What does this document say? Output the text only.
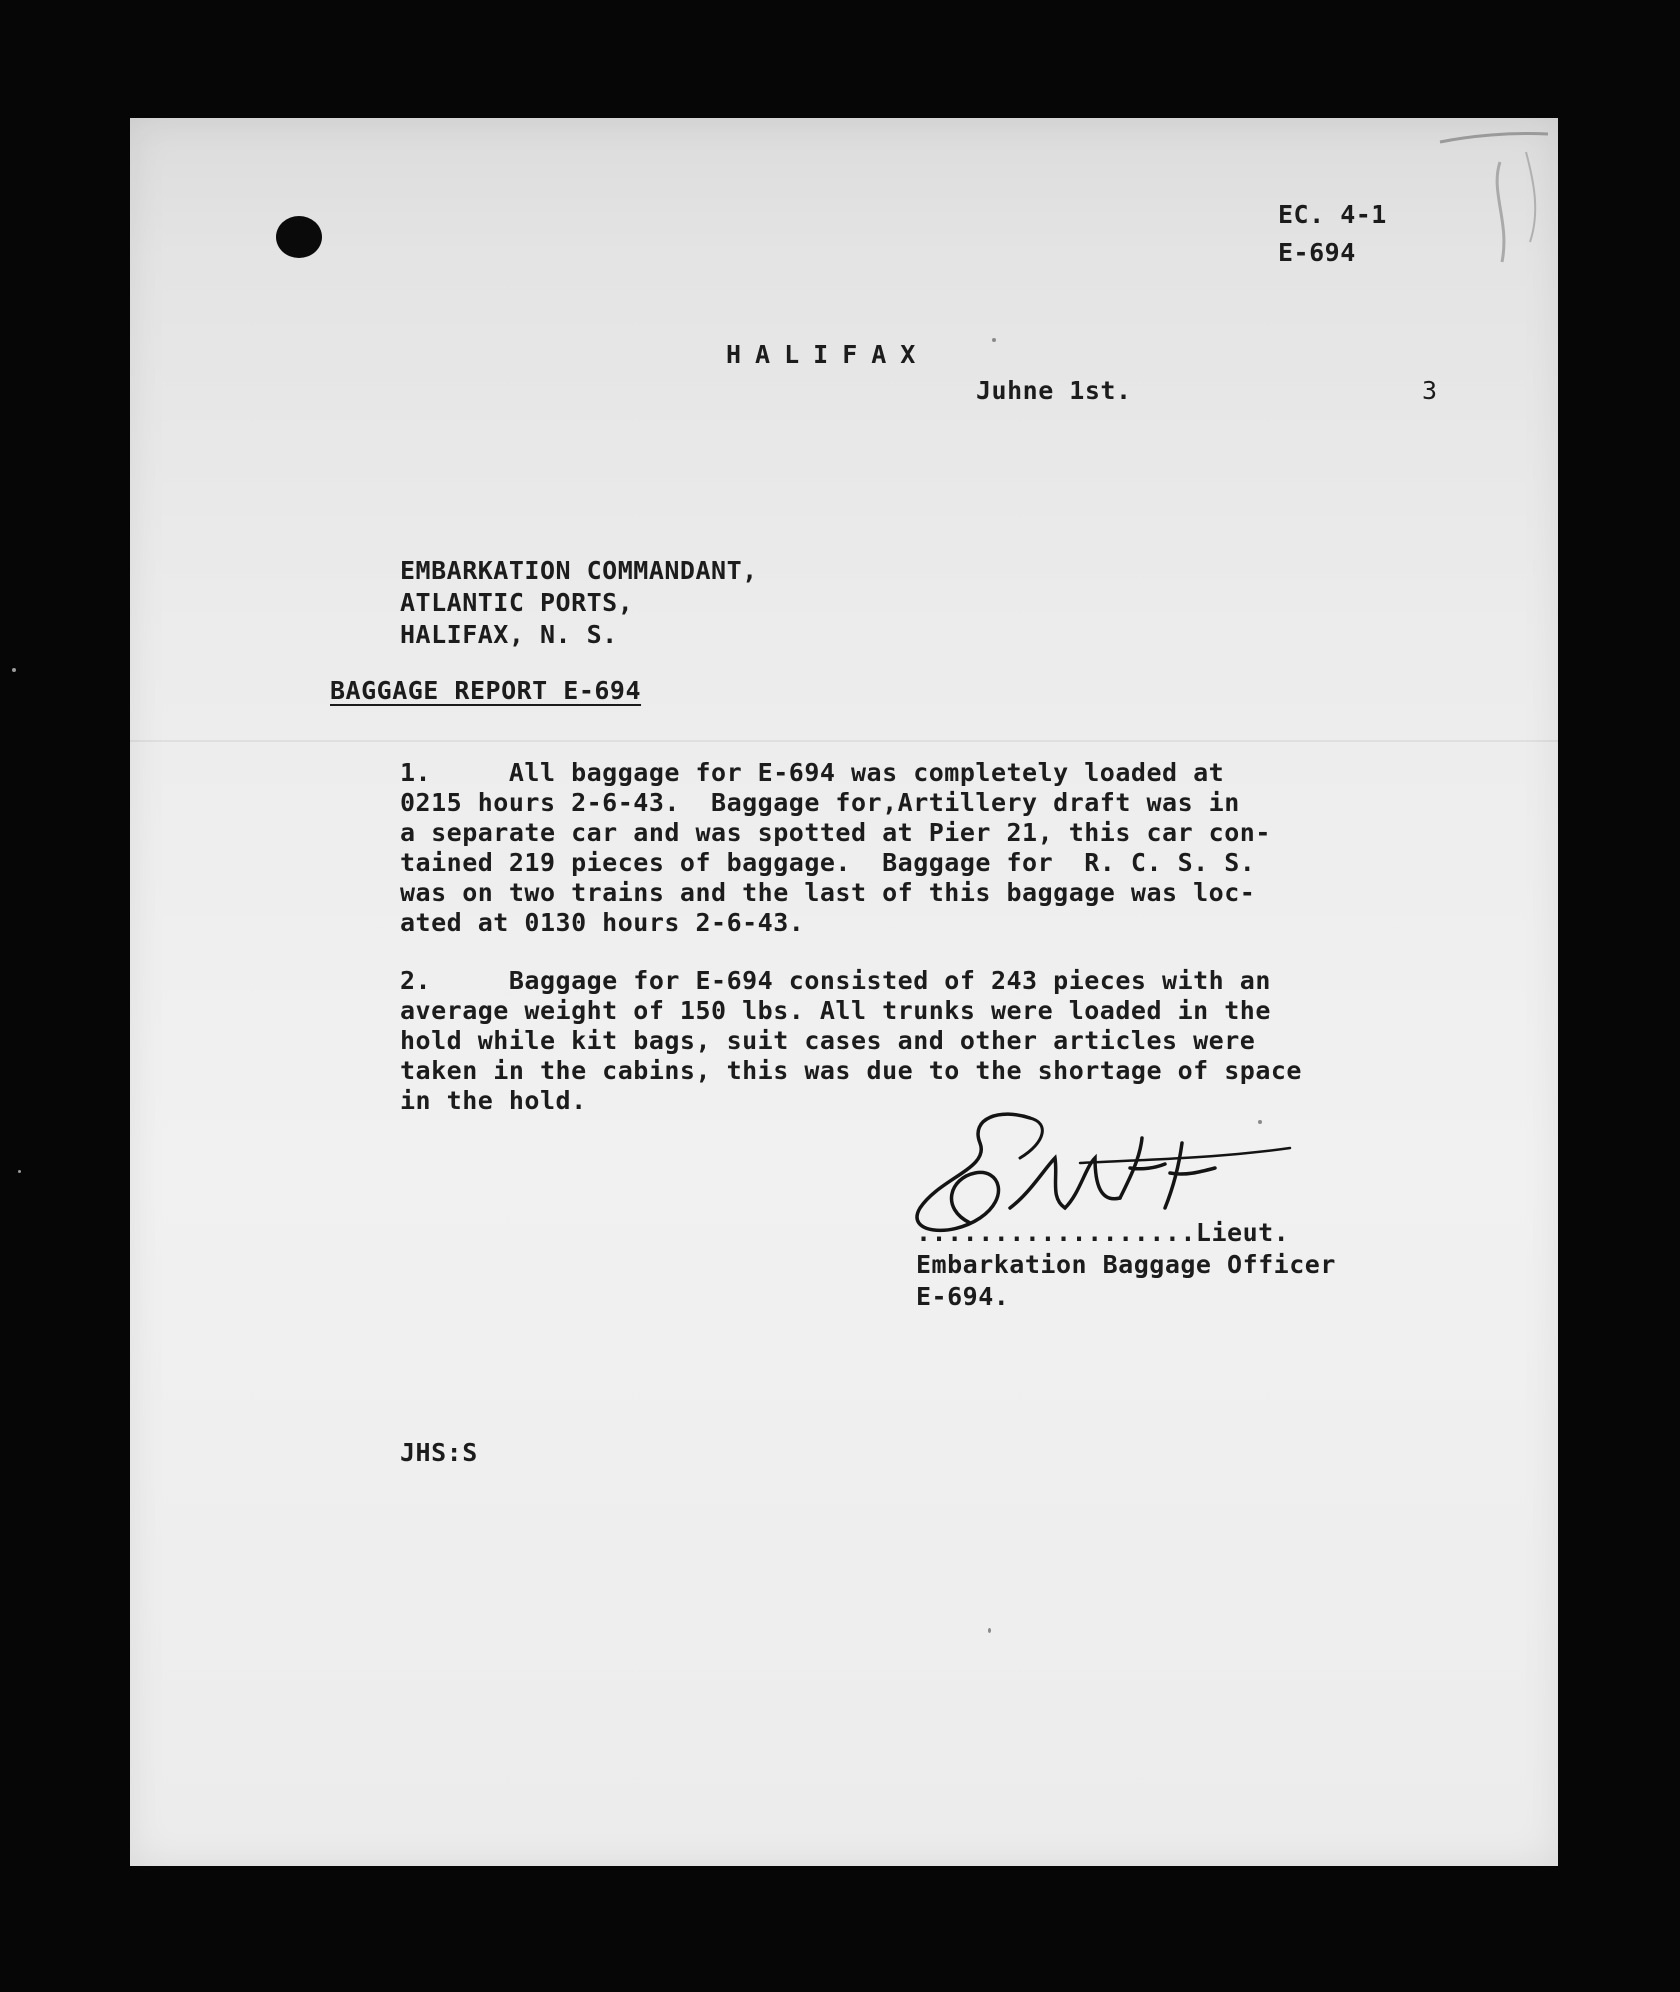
EC. 4-1
E-694
HALIFAX
Juhne 1st.	3
EMBARKATION COMMANDANT,
ATLANTIC PORTS,
HALIFAX, N. S.
BAGGAGE REPORT E-694
1.     All baggage for E-694 was completely loaded at
0215 hours 2-6-43.  Baggage for,Artillery draft was in
a separate car and was spotted at Pier 21, this car con-
tained 219 pieces of baggage.  Baggage for  R. C. S. S.
was on two trains and the last of this baggage was loc-
ated at 0130 hours 2-6-43.
2.     Baggage for E-694 consisted of 243 pieces with an
average weight of 150 lbs. All trunks were loaded in the
hold while kit bags, suit cases and other articles were
taken in the cabins, this was due to the shortage of space
in the hold.
..................Lieut.
Embarkation Baggage Officer
E-694.
JHS:S
